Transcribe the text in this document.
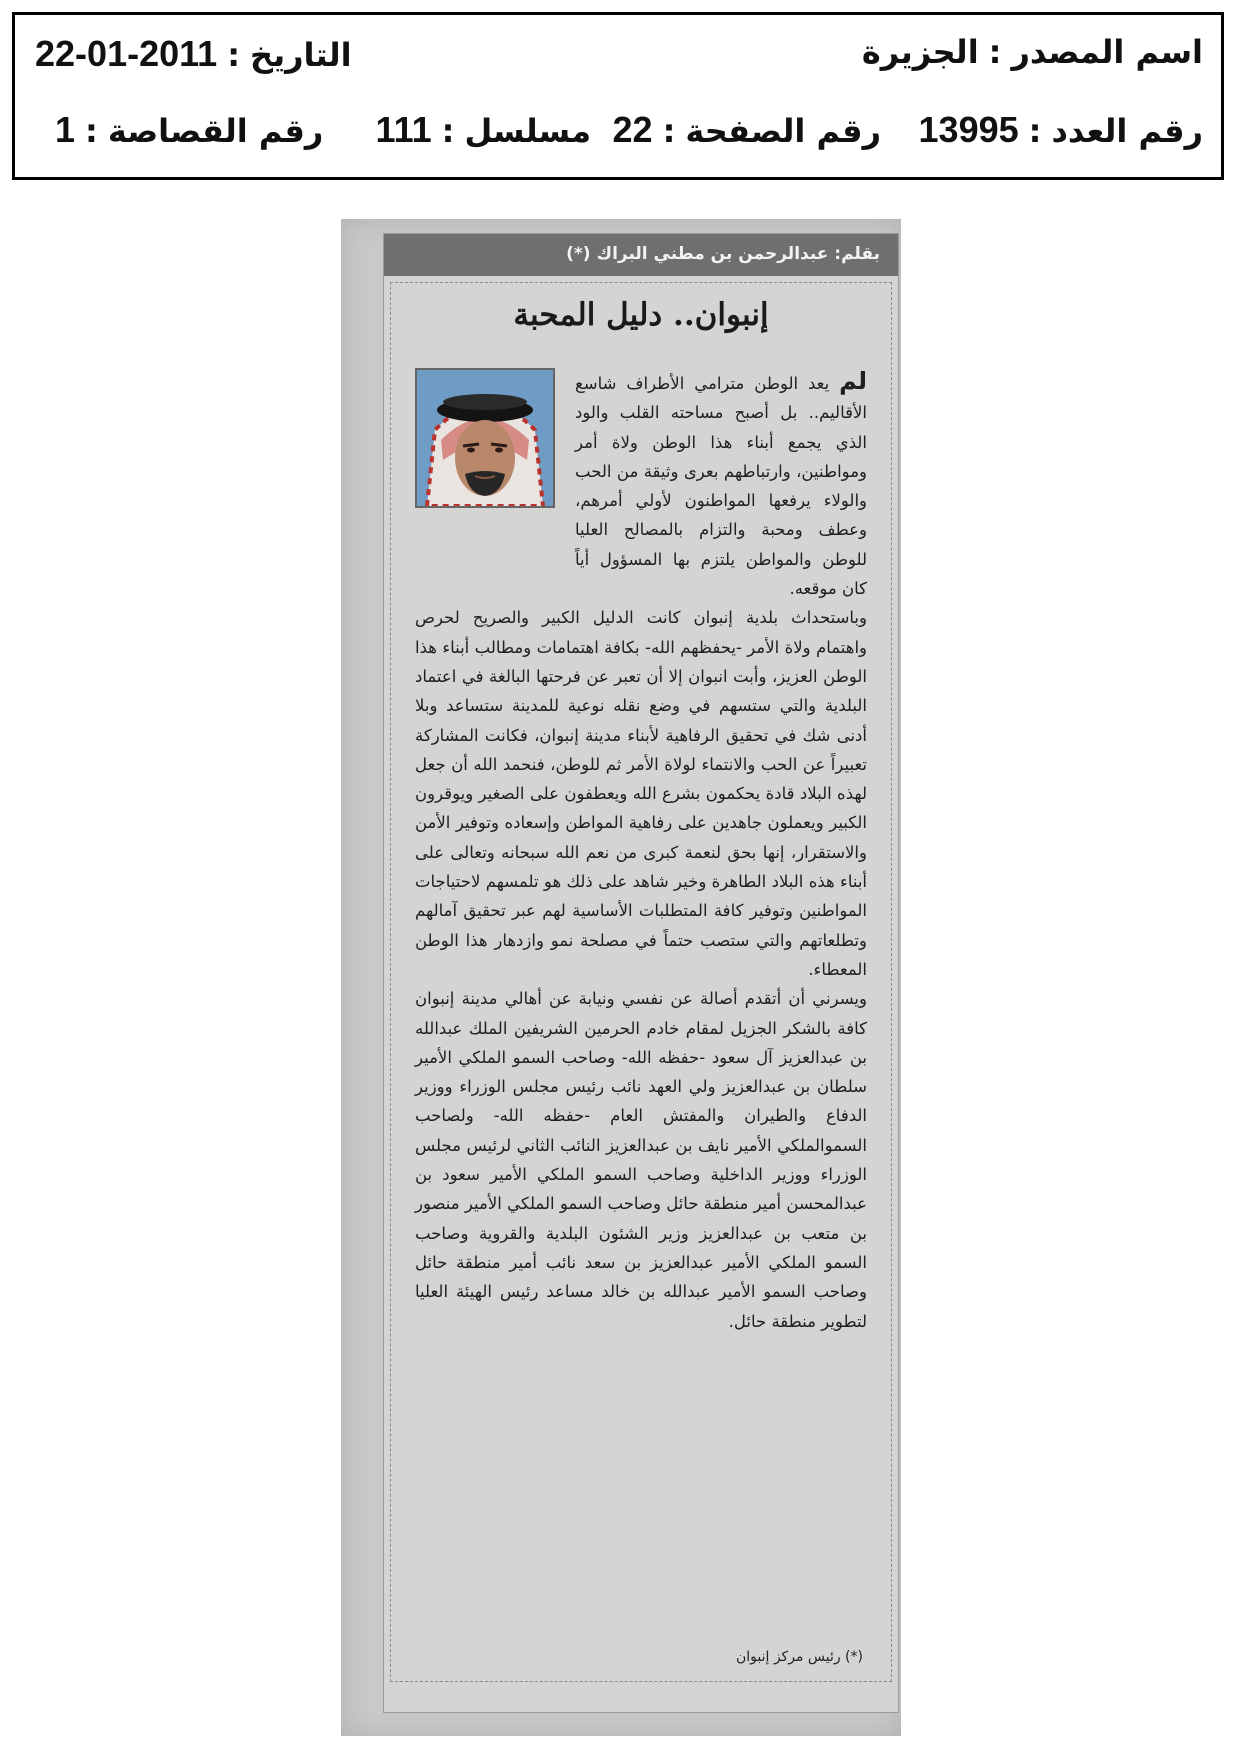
اسم المصدر:الجزيرة
التاريخ:2011-01-22
رقم العدد:13995
رقم الصفحة:22
مسلسل:111
رقم القصاصة:1
بقلم: عبدالرحمن بن مطني البراك (*)
إنبوان.. دليل المحبة

لم يعد الوطن مترامي الأطراف شاسع الأقاليم.. بل أصبح مساحته القلب والود الذي يجمع أبناء هذا الوطن ولاة أمر ومواطنين، وارتباطهم بعرى وثيقة من الحب والولاء يرفعها المواطنون لأولي أمرهم، وعطف ومحبة والتزام بالمصالح العليا للوطن والمواطن يلتزم بها المسؤول أياً كان موقعه.

وباستحداث بلدية إنبوان كانت الدليل الكبير والصريح لحرص واهتمام ولاة الأمر -يحفظهم الله- بكافة اهتمامات ومطالب أبناء هذا الوطن العزيز، وأبت انبوان إلا أن تعبر عن فرحتها البالغة في اعتماد البلدية والتي ستسهم في وضع نقله نوعية للمدينة ستساعد وبلا أدنى شك في تحقيق الرفاهية لأبناء مدينة إنبوان، فكانت المشاركة تعبيراً عن الحب والانتماء لولاة الأمر ثم للوطن، فنحمد الله أن جعل لهذه البلاد قادة يحكمون بشرع الله ويعطفون على الصغير ويوقرون الكبير ويعملون جاهدين على رفاهية المواطن وإسعاده وتوفير الأمن والاستقرار، إنها بحق لنعمة كبرى من نعم الله سبحانه وتعالى على أبناء هذه البلاد الطاهرة وخير شاهد على ذلك هو تلمسهم لاحتياجات المواطنين وتوفير كافة المتطلبات الأساسية لهم عبر تحقيق آمالهم وتطلعاتهم والتي ستصب حتماً في مصلحة نمو وازدهار هذا الوطن المعطاء.

ويسرني أن أتقدم أصالة عن نفسي ونيابة عن أهالي مدينة إنبوان كافة بالشكر الجزيل لمقام خادم الحرمين الشريفين الملك عبدالله بن عبدالعزيز آل سعود -حفظه الله- وصاحب السمو الملكي الأمير سلطان بن عبدالعزيز ولي العهد نائب رئيس مجلس الوزراء ووزير الدفاع والطيران والمفتش العام -حفظه الله- ولصاحب السموالملكي الأمير نايف بن عبدالعزيز النائب الثاني لرئيس مجلس الوزراء ووزير الداخلية وصاحب السمو الملكي الأمير سعود بن عبدالمحسن أمير منطقة حائل وصاحب السمو الملكي الأمير منصور بن متعب بن عبدالعزيز وزير الشئون البلدية والقروية وصاحب السمو الملكي الأمير عبدالعزيز بن سعد نائب أمير منطقة حائل وصاحب السمو الأمير عبدالله بن خالد مساعد رئيس الهيئة العليا لتطوير منطقة حائل.

(*) رئيس مركز إنبوان
